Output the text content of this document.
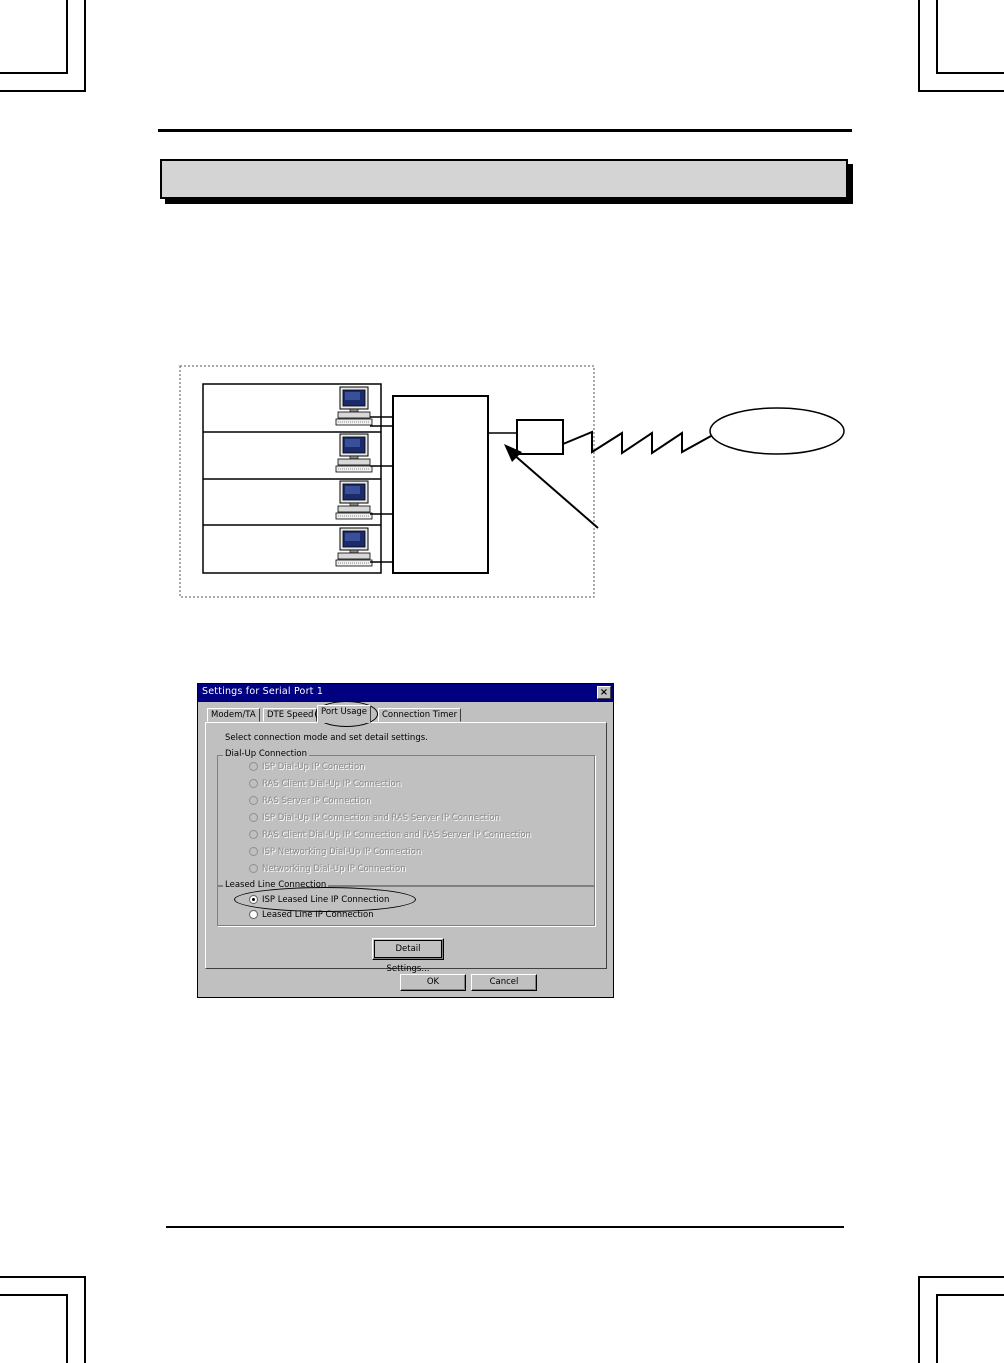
Settings for Serial Port 1	×
Modem/TA	DTE Speed Port Usage	Connection Timer
Select connection mode and set detail settings.
Dial-Up Connection
ISP Dial-Up IP Conection
RAS Client Dial-Up IP Connection
RAS Server IP Connection
ISP Dial-Up IP Connection and RAS Server IP Connection
RAS Client Dial-Up IP Connection and RAS Server IP Connection
ISP Networking Dial-Up IP Connection
Networking Dial-Up IP Connection
Leased Line Connection
ISP Leased Line IP Connection
Leased Line IP Connection
Detail Settings...
OK	Cancel
